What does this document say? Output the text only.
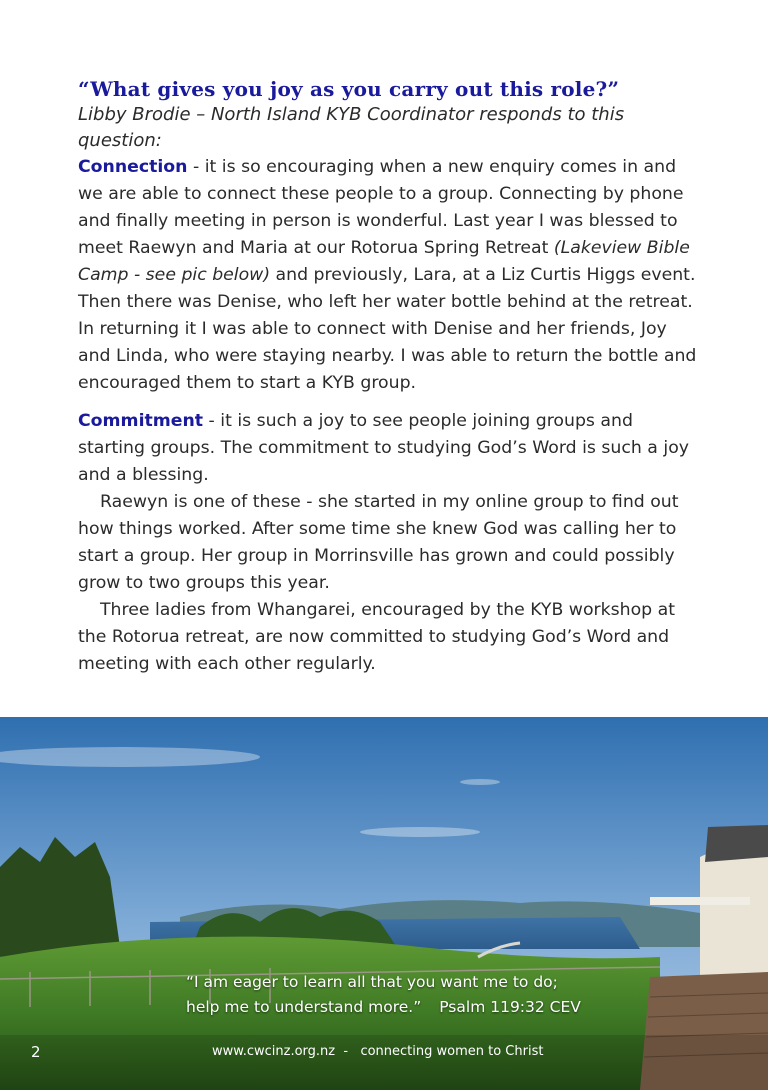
“What gives you joy as you carry out this role?”
Libby Brodie – North Island KYB Coordinator responds to this question:

Connection - it is so encouraging when a new enquiry comes in and we are able to connect these people to a group. Connecting by phone and finally meeting in person is wonderful. Last year I was blessed to meet Raewyn and Maria at our Rotorua Spring Retreat (Lakeview Bible Camp - see pic below) and previously, Lara, at a Liz Curtis Higgs event. Then there was Denise, who left her water bottle behind at the retreat. In returning it I was able to connect with Denise and her friends, Joy and Linda, who were staying nearby. I was able to return the bottle and encouraged them to start a KYB group.

Commitment - it is such a joy to see people joining groups and starting groups. The commitment to studying God’s Word is such a joy and a blessing.

Raewyn is one of these - she started in my online group to find out how things worked. After some time she knew God was calling her to start a group. Her group in Morrinsville has grown and could possibly grow to two groups this year.

Three ladies from Whangarei, encouraged by the KYB workshop at the Rotorua retreat, are now committed to studying God’s Word and meeting with each other regularly.

“I am eager to learn all that you want me to do;
help me to understand more.” Psalm 119:32 CEV
2	www.cwcinz.org.nz  -   connecting women to Christ
